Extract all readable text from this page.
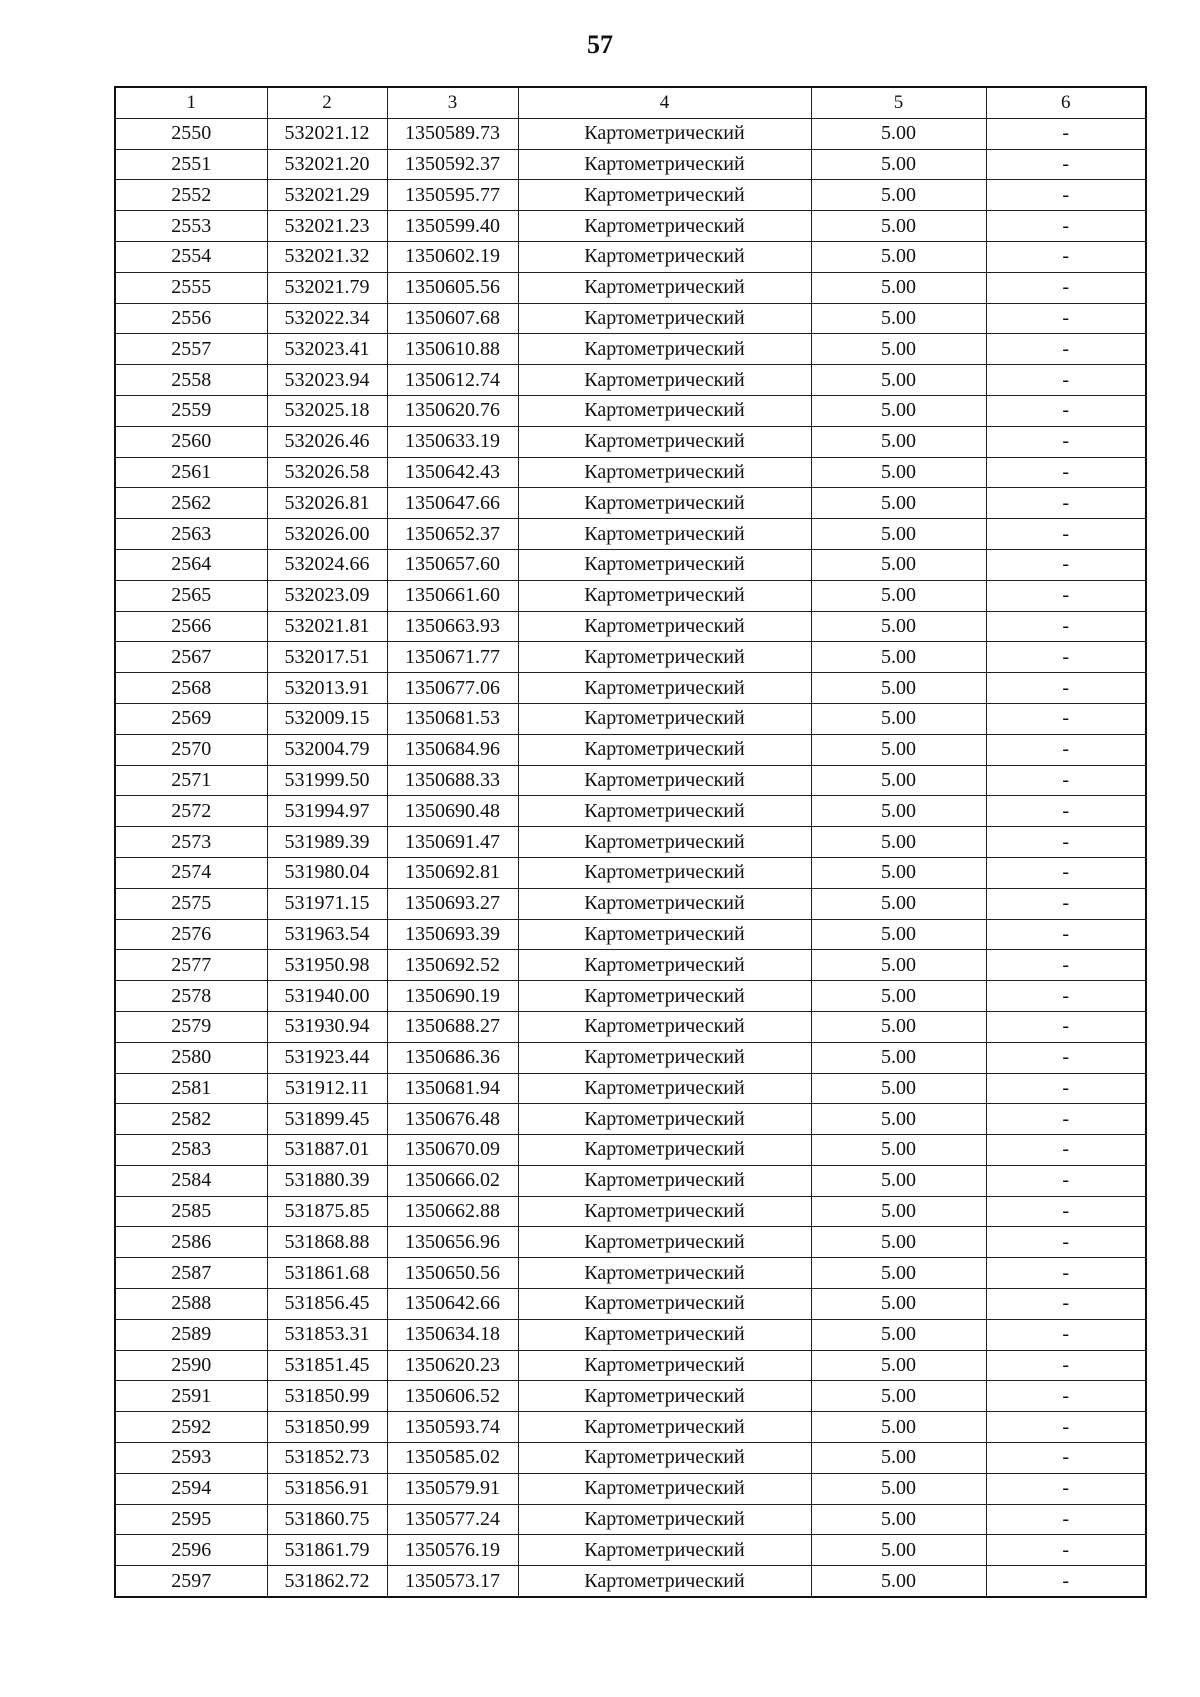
57
1	2	3	4	5	6
2550	532021.12	1350589.73	Картометрический	5.00	-
2551	532021.20	1350592.37	Картометрический	5.00	-
2552	532021.29	1350595.77	Картометрический	5.00	-
2553	532021.23	1350599.40	Картометрический	5.00	-
2554	532021.32	1350602.19	Картометрический	5.00	-
2555	532021.79	1350605.56	Картометрический	5.00	-
2556	532022.34	1350607.68	Картометрический	5.00	-
2557	532023.41	1350610.88	Картометрический	5.00	-
2558	532023.94	1350612.74	Картометрический	5.00	-
2559	532025.18	1350620.76	Картометрический	5.00	-
2560	532026.46	1350633.19	Картометрический	5.00	-
2561	532026.58	1350642.43	Картометрический	5.00	-
2562	532026.81	1350647.66	Картометрический	5.00	-
2563	532026.00	1350652.37	Картометрический	5.00	-
2564	532024.66	1350657.60	Картометрический	5.00	-
2565	532023.09	1350661.60	Картометрический	5.00	-
2566	532021.81	1350663.93	Картометрический	5.00	-
2567	532017.51	1350671.77	Картометрический	5.00	-
2568	532013.91	1350677.06	Картометрический	5.00	-
2569	532009.15	1350681.53	Картометрический	5.00	-
2570	532004.79	1350684.96	Картометрический	5.00	-
2571	531999.50	1350688.33	Картометрический	5.00	-
2572	531994.97	1350690.48	Картометрический	5.00	-
2573	531989.39	1350691.47	Картометрический	5.00	-
2574	531980.04	1350692.81	Картометрический	5.00	-
2575	531971.15	1350693.27	Картометрический	5.00	-
2576	531963.54	1350693.39	Картометрический	5.00	-
2577	531950.98	1350692.52	Картометрический	5.00	-
2578	531940.00	1350690.19	Картометрический	5.00	-
2579	531930.94	1350688.27	Картометрический	5.00	-
2580	531923.44	1350686.36	Картометрический	5.00	-
2581	531912.11	1350681.94	Картометрический	5.00	-
2582	531899.45	1350676.48	Картометрический	5.00	-
2583	531887.01	1350670.09	Картометрический	5.00	-
2584	531880.39	1350666.02	Картометрический	5.00	-
2585	531875.85	1350662.88	Картометрический	5.00	-
2586	531868.88	1350656.96	Картометрический	5.00	-
2587	531861.68	1350650.56	Картометрический	5.00	-
2588	531856.45	1350642.66	Картометрический	5.00	-
2589	531853.31	1350634.18	Картометрический	5.00	-
2590	531851.45	1350620.23	Картометрический	5.00	-
2591	531850.99	1350606.52	Картометрический	5.00	-
2592	531850.99	1350593.74	Картометрический	5.00	-
2593	531852.73	1350585.02	Картометрический	5.00	-
2594	531856.91	1350579.91	Картометрический	5.00	-
2595	531860.75	1350577.24	Картометрический	5.00	-
2596	531861.79	1350576.19	Картометрический	5.00	-
2597	531862.72	1350573.17	Картометрический	5.00	-
